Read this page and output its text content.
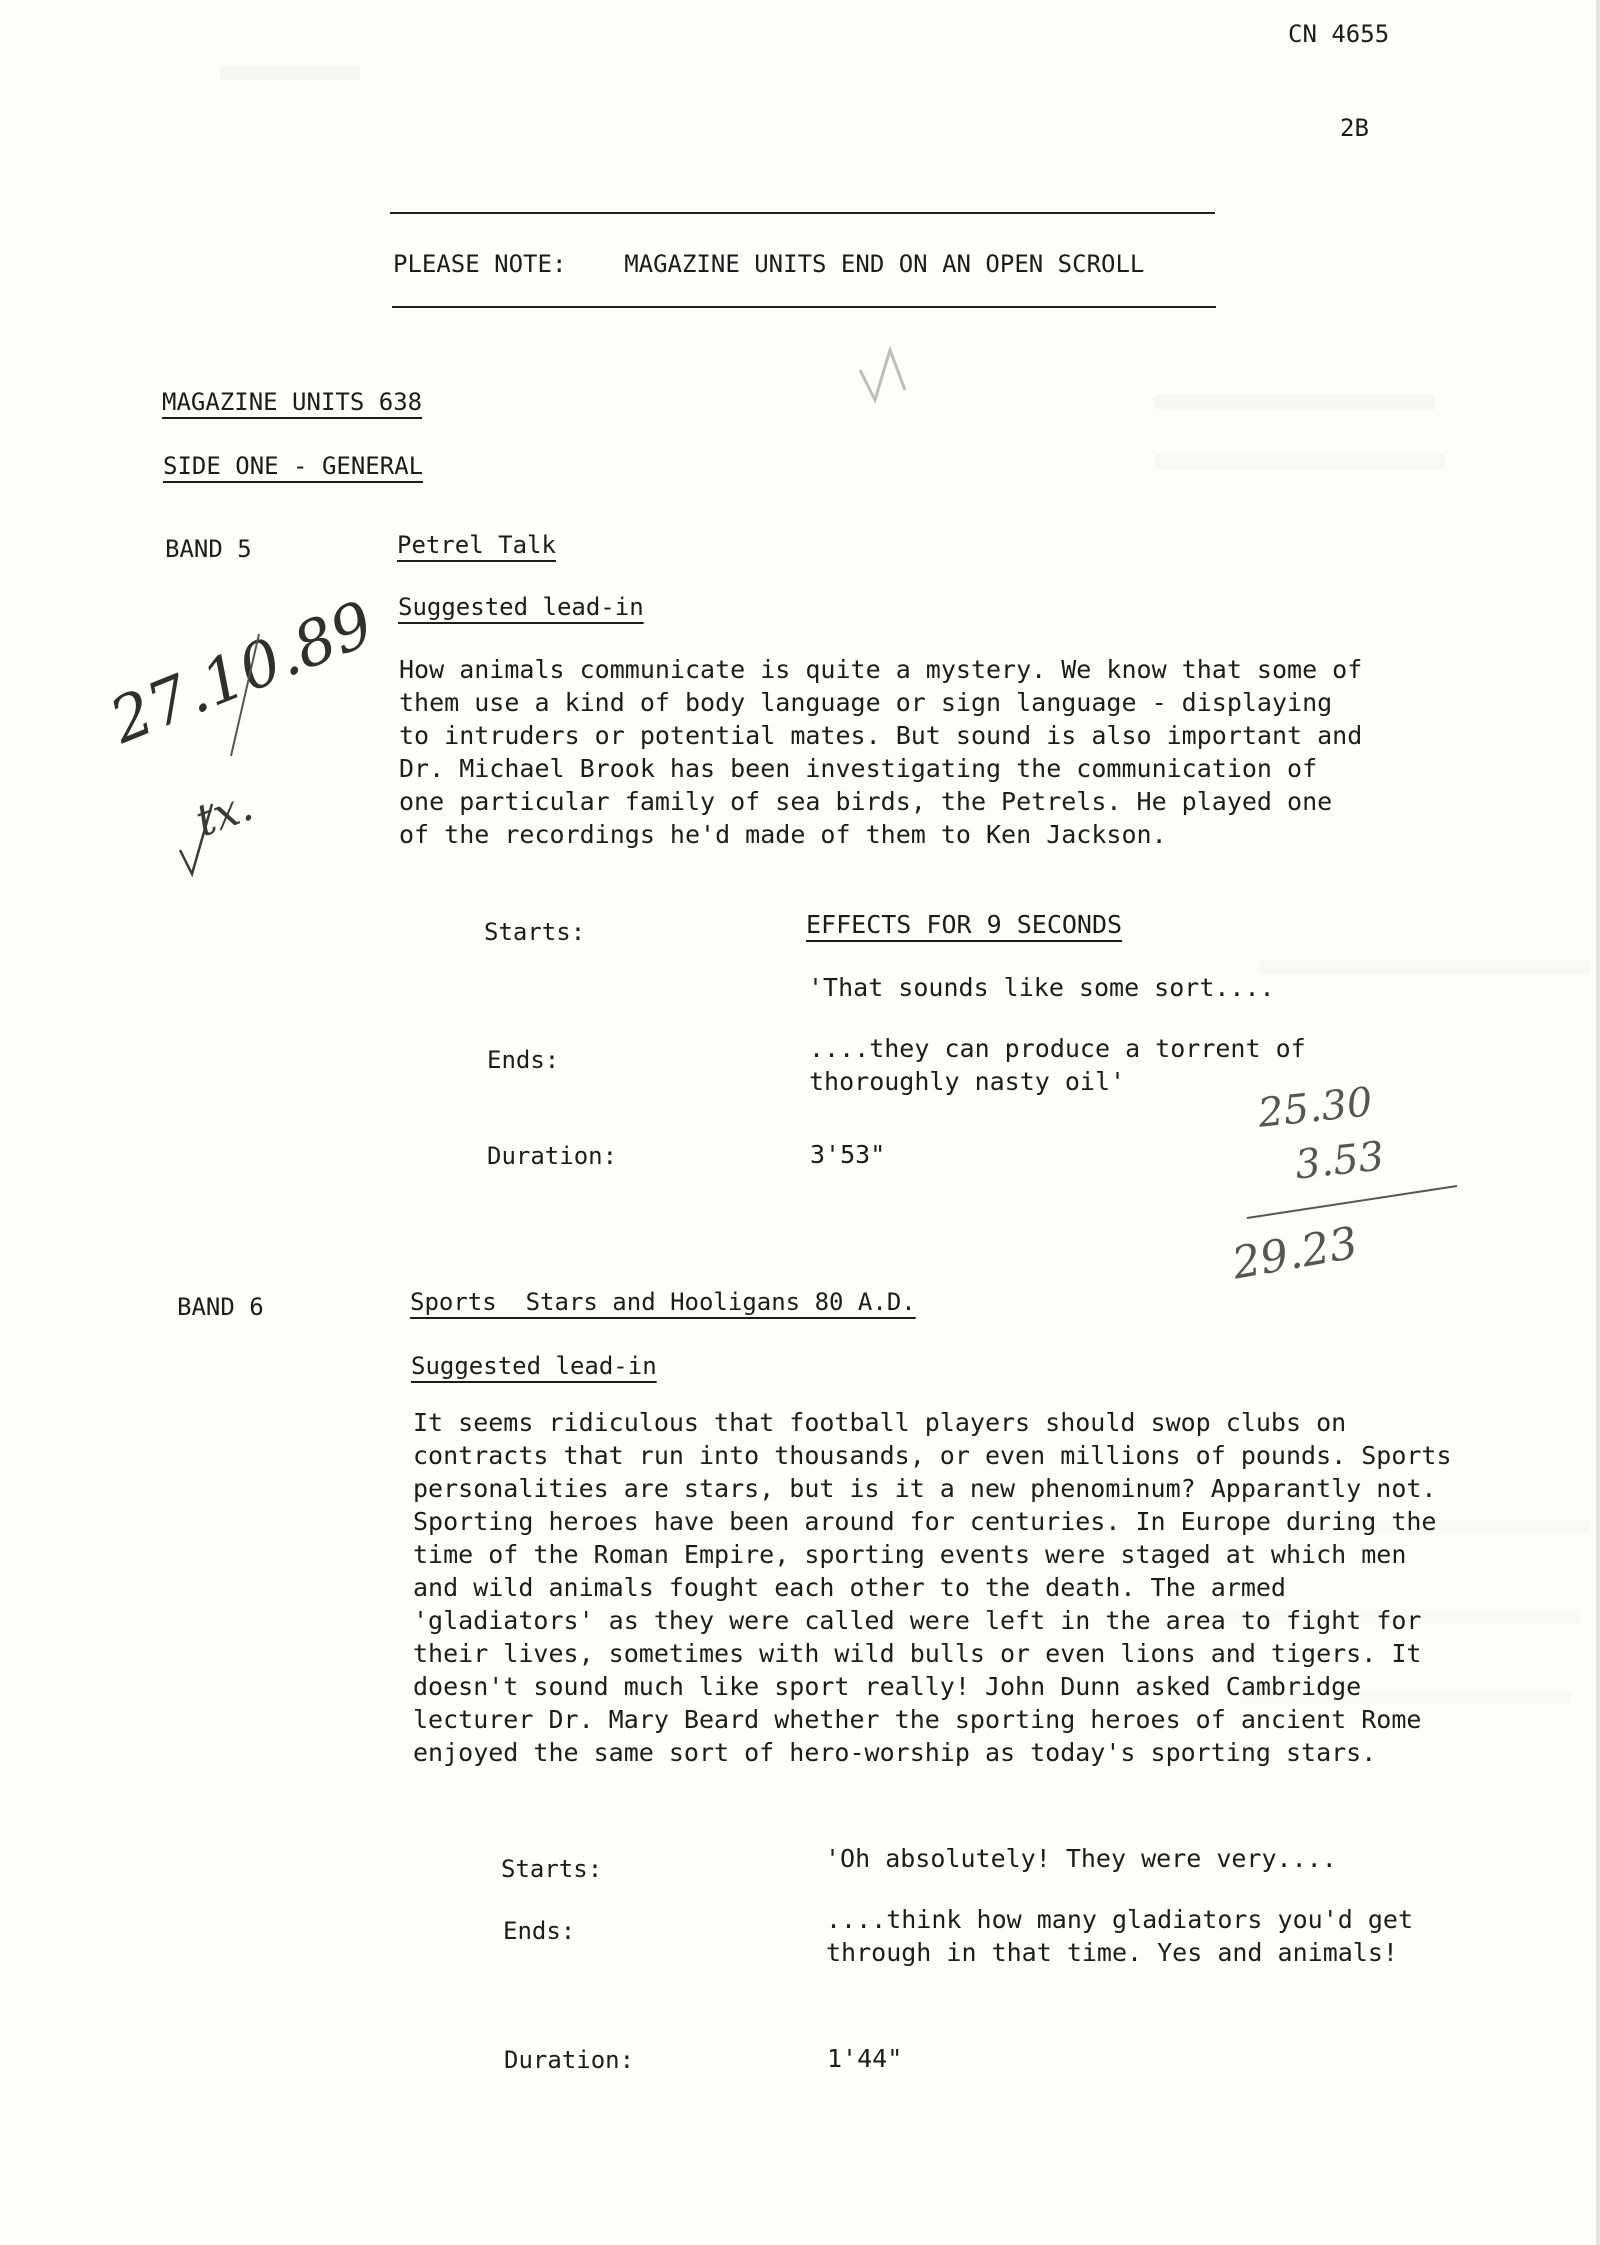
CN 4655
2B
PLEASE NOTE: MAGAZINE UNITS END ON AN OPEN SCROLL
MAGAZINE UNITS 638
SIDE ONE - GENERAL
BAND 5	Petrel Talk
Suggested lead-in
How animals communicate is quite a mystery. We know that some of them use a kind of body language or sign language - displaying to intruders or potential mates. But sound is also important and Dr. Michael Brook has been investigating the communication of one particular family of sea birds, the Petrels. He played one of the recordings he'd made of them to Ken Jackson.
Starts:	EFFECTS FOR 9 SECONDS
'That sounds like some sort....
Ends:	....they can produce a torrent of thoroughly nasty oil'
Duration:	3'53"
BAND 6	Sports  Stars and Hooligans 80 A.D.
Suggested lead-in
It seems ridiculous that football players should swop clubs on contracts that run into thousands, or even millions of pounds. Sports personalities are stars, but is it a new phenominum? Apparantly not. Sporting heroes have been around for centuries. In Europe during the time of the Roman Empire, sporting events were staged at which men and wild animals fought each other to the death. The armed 'gladiators' as they were called were left in the area to fight for their lives, sometimes with wild bulls or even lions and tigers. It doesn't sound much like sport really! John Dunn asked Cambridge lecturer Dr. Mary Beard whether the sporting heroes of ancient Rome enjoyed the same sort of hero-worship as today's sporting stars.
Starts:	'Oh absolutely! They were very....
Ends:	....think how many gladiators you'd get through in that time. Yes and animals!
Duration:	1'44"
27.10.89
tx.
25.30
3.53
29.23
